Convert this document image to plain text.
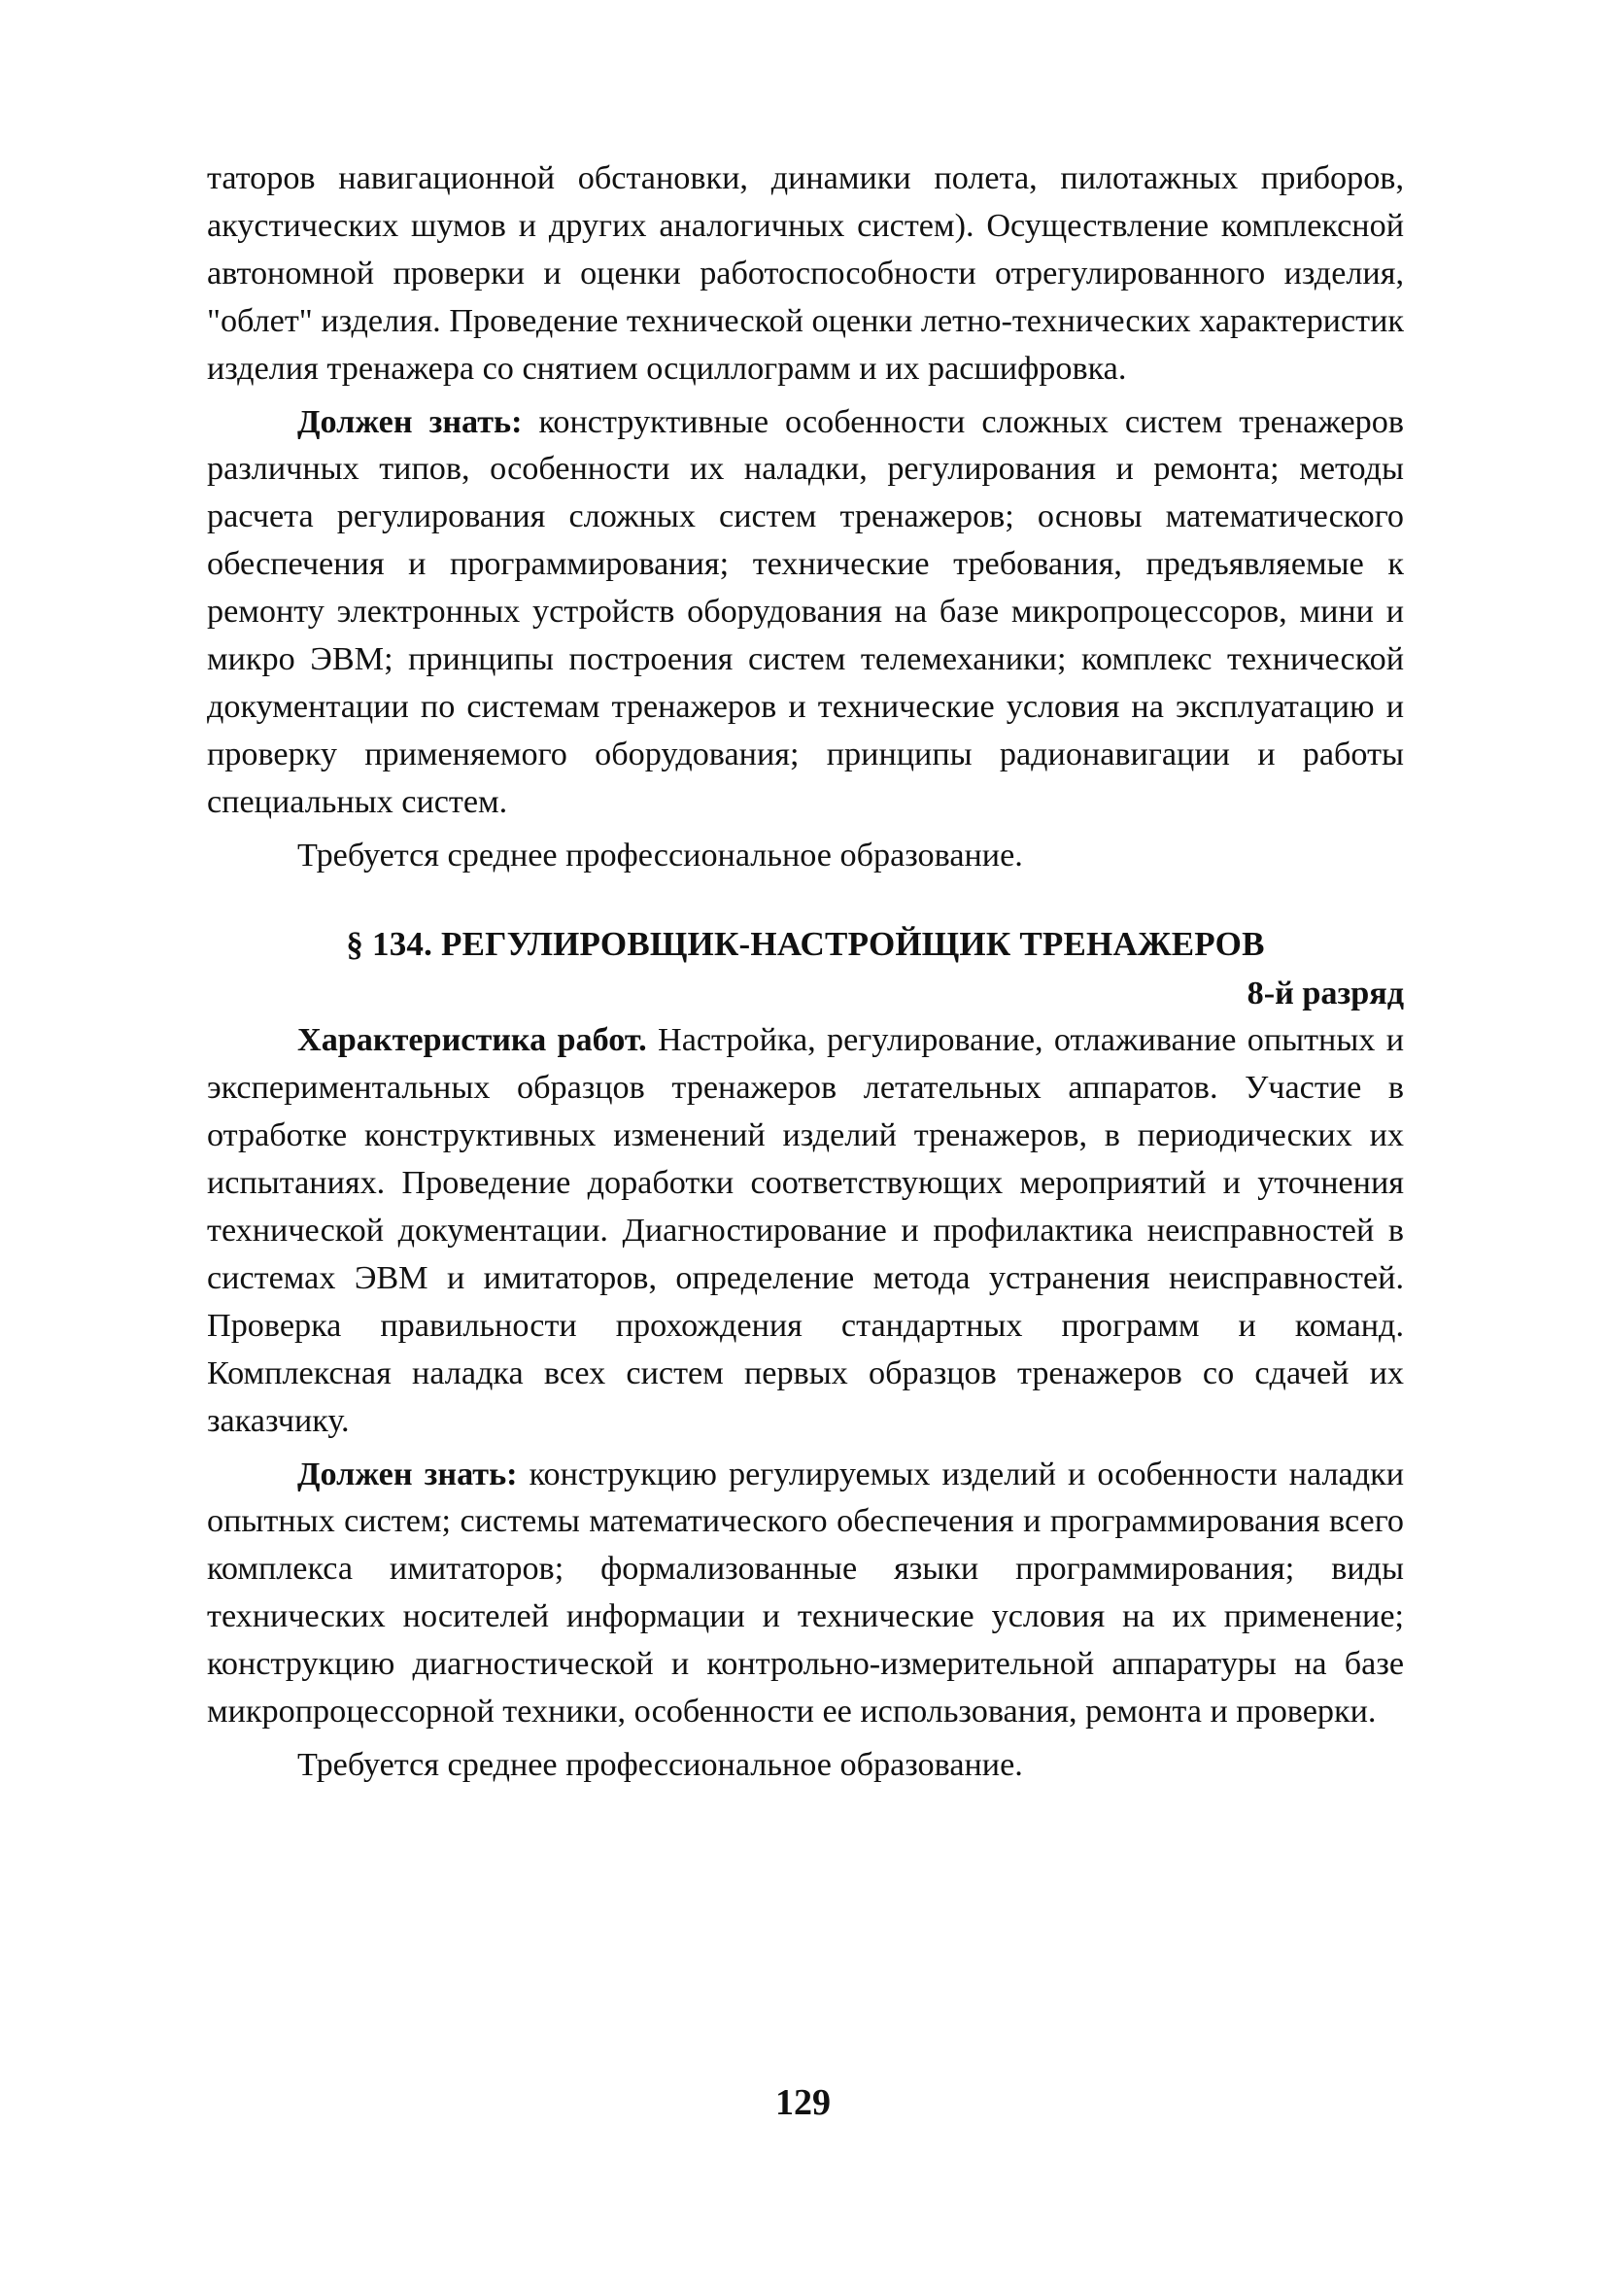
таторов навигационной обстановки, динамики полета, пилотажных приборов, акустических шумов и других аналогичных систем). Осуществление комплексной автономной проверки и оценки работоспособности отрегулированного изделия, "облет" изделия. Проведение технической оценки летно-технических характеристик изделия тренажера со снятием осциллограмм и их расшифровка.

Должен знать: конструктивные особенности сложных систем тренажеров различных типов, особенности их наладки, регулирования и ремонта; методы расчета регулирования сложных систем тренажеров; основы математического обеспечения и программирования; технические требования, предъявляемые к ремонту электронных устройств оборудования на базе микропроцессоров, мини и микро ЭВМ; принципы построения систем телемеханики; комплекс технической документации по системам тренажеров и технические условия на эксплуатацию и проверку применяемого оборудования; принципы радионавигации и работы специальных систем.

Требуется среднее профессиональное образование.

§ 134. РЕГУЛИРОВЩИК-НАСТРОЙЩИК ТРЕНАЖЕРОВ

8-й разряд

Характеристика работ. Настройка, регулирование, отлаживание опытных и экспериментальных образцов тренажеров летательных аппаратов. Участие в отработке конструктивных изменений изделий тренажеров, в периодических их испытаниях. Проведение доработки соответствующих мероприятий и уточнения технической документации. Диагностирование и профилактика неисправностей в системах ЭВМ и имитаторов, определение метода устранения неисправностей. Проверка правильности прохождения стандартных программ и команд. Комплексная наладка всех систем первых образцов тренажеров со сдачей их заказчику.

Должен знать: конструкцию регулируемых изделий и особенности наладки опытных систем; системы математического обеспечения и программирования всего комплекса имитаторов; формализованные языки программирования; виды технических носителей информации и технические условия на их применение; конструкцию диагностической и контрольно-измерительной аппаратуры на базе микропроцессорной техники, особенности ее использования, ремонта и проверки.

Требуется среднее профессиональное образование.

129
